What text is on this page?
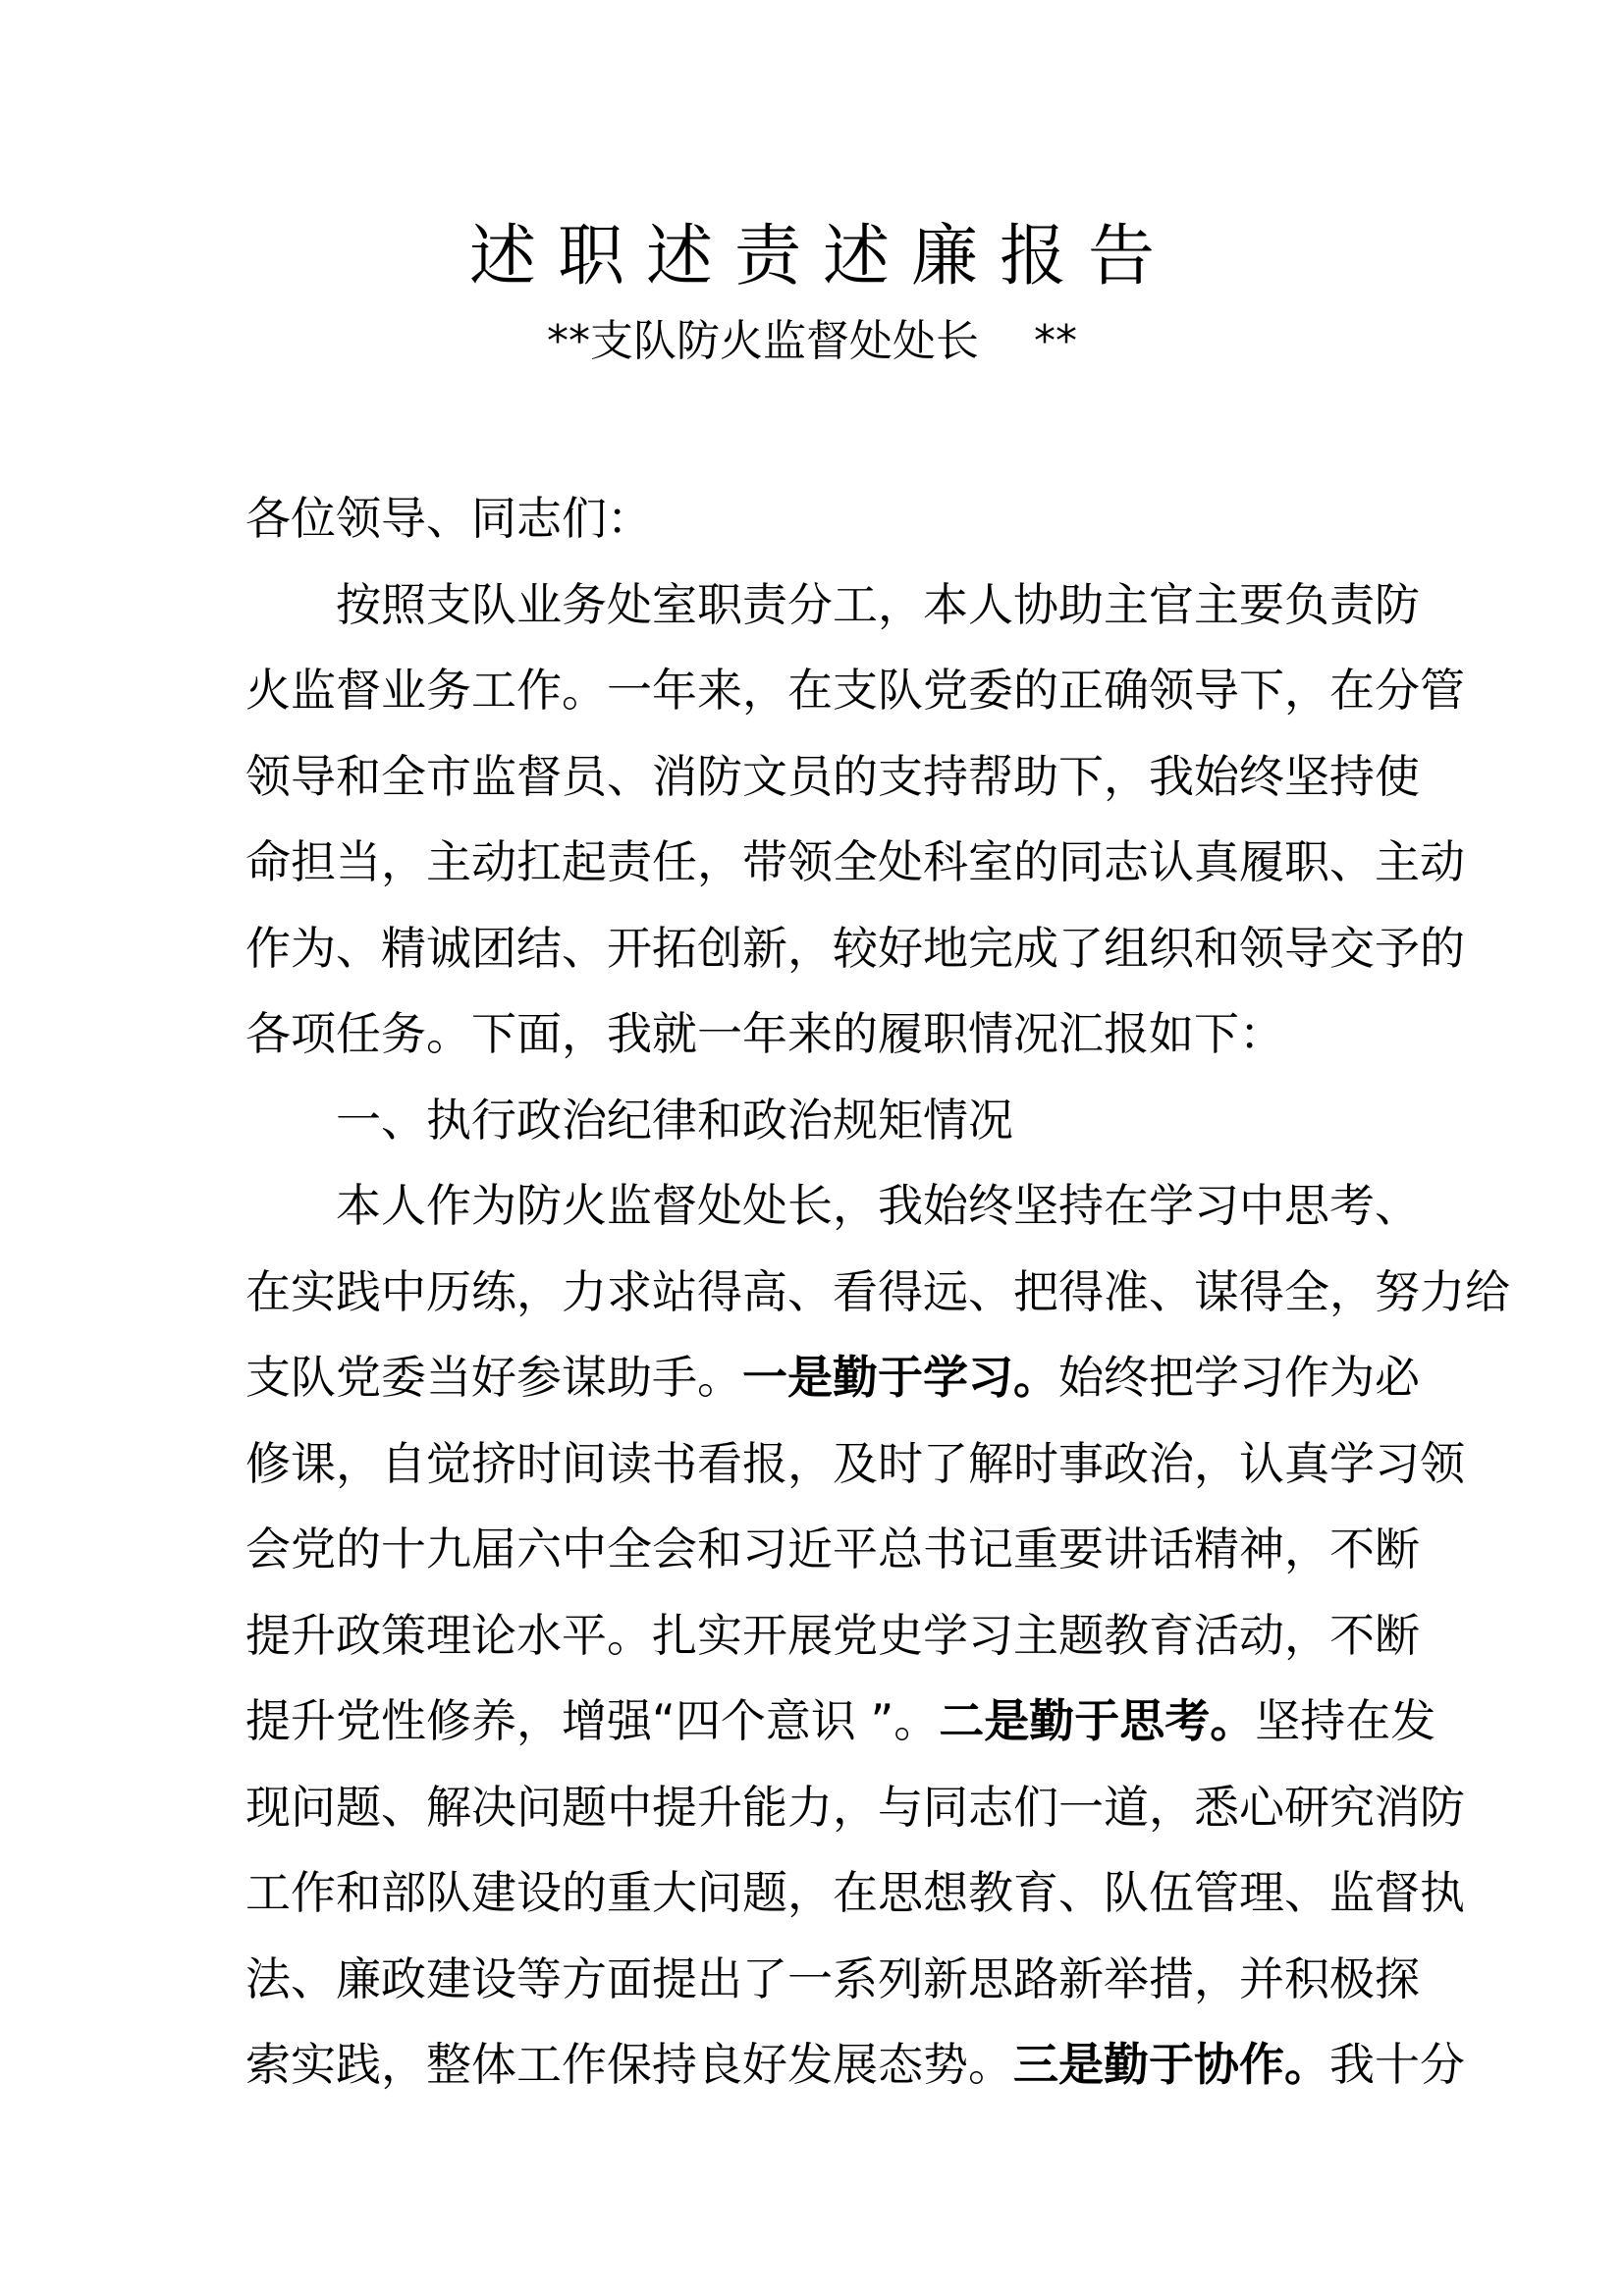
述职述责述廉报告
**支队防火监督处处长    **
各位领导、同志们：
按照支队业务处室职责分工，本人协助主官主要负责防
火监督业务工作。一年来，在支队党委的正确领导下，在分管
领导和全市监督员、消防文员的支持帮助下，我始终坚持使
命担当，主动扛起责任，带领全处科室的同志认真履职、主动
作为、精诚团结、开拓创新，较好地完成了组织和领导交予的
各项任务。下面，我就一年来的履职情况汇报如下：
一、执行政治纪律和政治规矩情况
本人作为防火监督处处长，我始终坚持在学习中思考、
在实践中历练，力求站得高、看得远、把得准、谋得全，努力给
支队党委当好参谋助手。一是勤于学习。始终把学习作为必
修课，自觉挤时间读书看报，及时了解时事政治，认真学习领
会党的十九届六中全会和习近平总书记重要讲话精神，不断
提升政策理论水平。扎实开展党史学习主题教育活动，不断
提升党性修养，增强“四个意识 ”。二是勤于思考。坚持在发
现问题、解决问题中提升能力，与同志们一道，悉心研究消防
工作和部队建设的重大问题，在思想教育、队伍管理、监督执
法、廉政建设等方面提出了一系列新思路新举措，并积极探
索实践，整体工作保持良好发展态势。三是勤于协作。我十分
